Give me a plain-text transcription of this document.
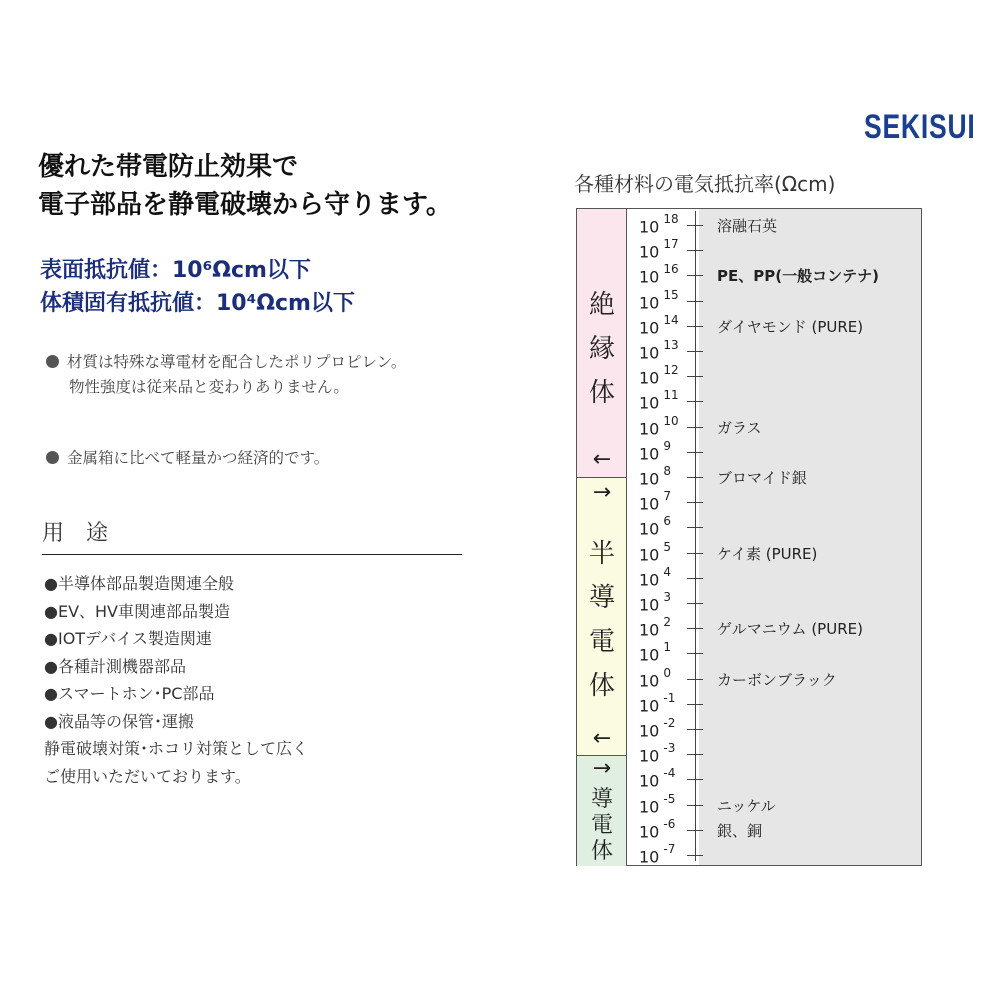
SEKISUI
優れた帯電防止効果で
電子部品を静電破壊から守ります。
表面抵抗値：10⁶Ωcm以下
体積固有抵抗値：10⁴Ωcm以下
材質は特殊な導電材を配合したポリプロピレン。
物性強度は従来品と変わりありません。
金属箱に比べて軽量かつ経済的です。
用途
● 半導体部品製造関連全般
● EV、HV車関連部品製造
● IOTデバイス製造関連
● 各種計測機器部品
● スマートホン･PC部品
● 液晶等の保管･運搬
静電破壊対策･ホコリ対策として広く
ご使用いただいております。
各種材料の電気抵抗率(Ωcm)
絶
縁
体
←
→
半
導
電
体
←
→
導
電
体
10 $^{18}$
10 $^{17}$
10 $^{16}$
10 $^{15}$
10 $^{14}$
10 $^{13}$
10 $^{12}$
10 $^{11}$
10 $^{10}$
10 $^9$
10 $^8$
10 $^7$
10 $^6$
10 $^5$
10 $^4$
10 $^3$
10 $^2$
10 $^1$
10 $^0$
10 $^{-1}$
10 $^{-2}$
10 $^{-3}$
10 $^{-4}$
10 $^{-5}$
10 $^{-6}$
10 $^{-7}$
溶融石英
PE、PP(一般コンテナ)
ダイヤモンド (PURE)
ガラス
ブロマイド銀
ケイ素 (PURE)
ゲルマニウム (PURE)
カーボンブラック
ニッケル
銀、銅
